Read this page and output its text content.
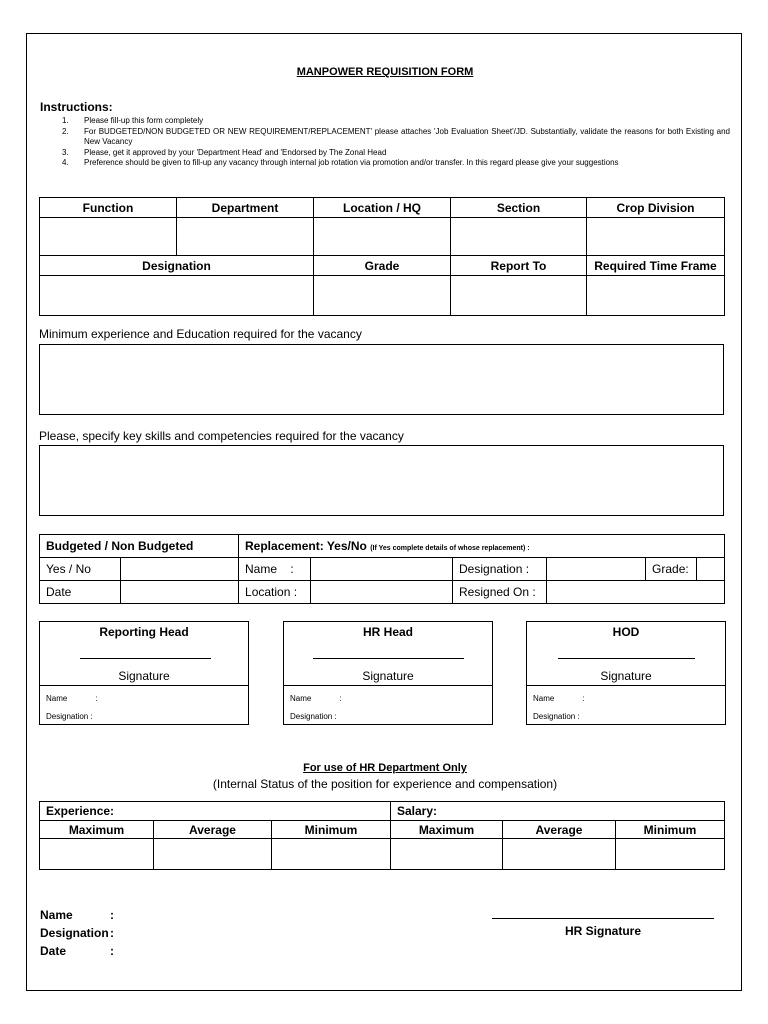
MANPOWER REQUISITION FORM
Instructions:
1.	Please fill-up this form completely
2.	For BUDGETED/NON BUDGETED OR NEW REQUIREMENT/REPLACEMENT' please attaches 'Job Evaluation Sheet'/JD. Substantially, validate the reasons for both Existing and New Vacancy
3.	Please, get it approved by your 'Department Head' and 'Endorsed by The Zonal Head
4.	Preference should be given to fill-up any vacancy through internal job rotation via promotion and/or transfer. In this regard please give your suggestions
Function	Department	Location / HQ	Section	Crop Division

Designation		Grade	Report To	Required Time Frame

Minimum experience and Education required for the vacancy
Please, specify key skills and competencies required for the vacancy
Budgeted / Non Budgeted		Replacement: Yes/No (If Yes complete details of whose replacement) :					
Yes / No		Name :		Designation :		Grade:	
Date		Location :		Resigned On :			
Reporting Head
Signature
Name	:
Designation :
HR Head
Signature
Name	:
Designation :
HOD
Signature
Name	:
Designation :
For use of HR Department Only
(Internal Status of the position for experience and compensation)
Experience:			Salary:		
Maximum	Average	Minimum	Maximum	Average	Minimum

Name	:
Designation:
Date	:
HR Signature
